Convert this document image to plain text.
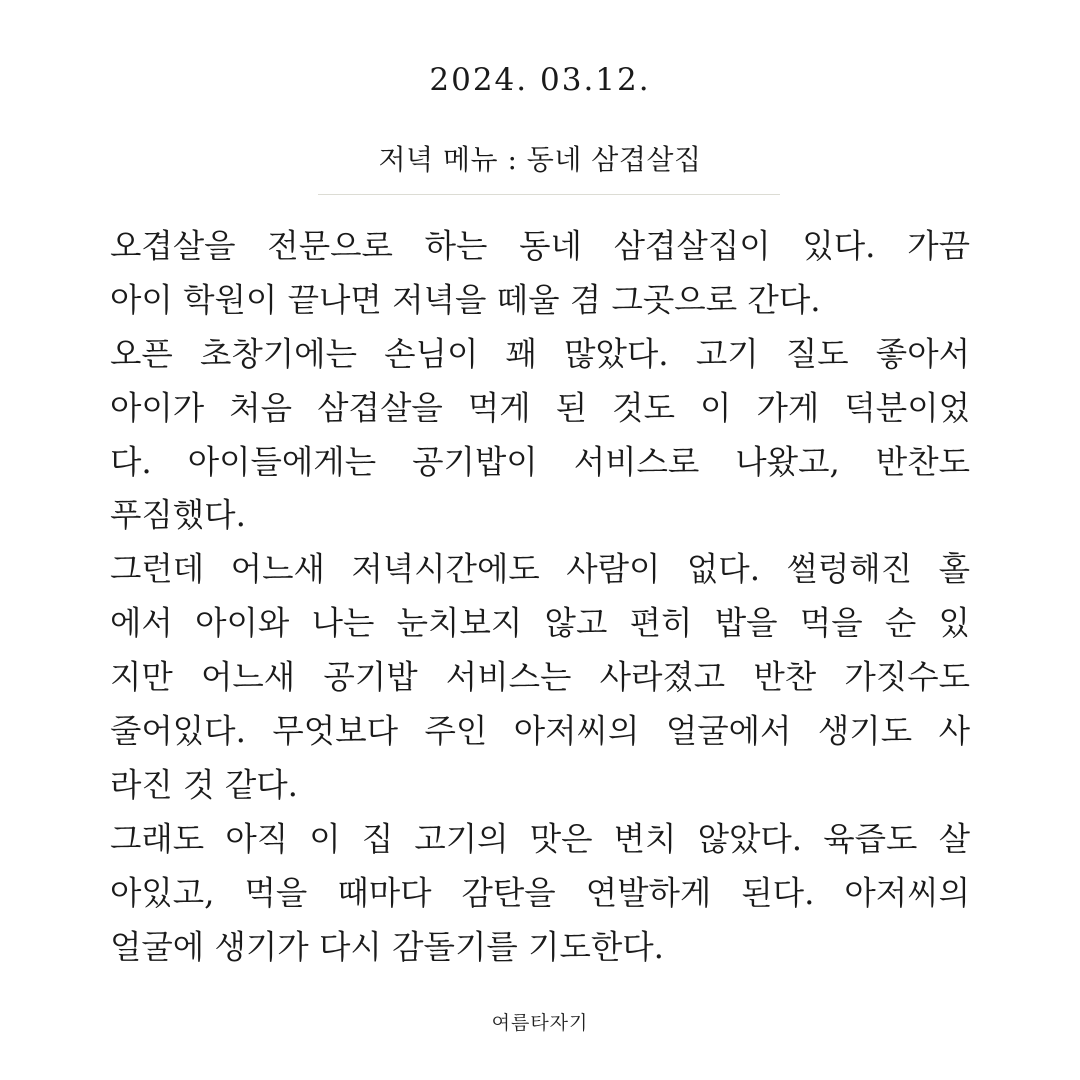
2024. 03.12.
저녁 메뉴 : 동네 삼겹살집
오겹살을 전문으로 하는 동네 삼겹살집이 있다. 가끔
아이 학원이 끝나면 저녁을 떼울 겸 그곳으로 간다.
오픈 초창기에는 손님이 꽤 많았다. 고기 질도 좋아서
아이가 처음 삼겹살을 먹게 된 것도 이 가게 덕분이었
다. 아이들에게는 공기밥이 서비스로 나왔고, 반찬도
푸짐했다.
그런데 어느새 저녁시간에도 사람이 없다. 썰렁해진 홀
에서 아이와 나는 눈치보지 않고 편히 밥을 먹을 순 있
지만 어느새 공기밥 서비스는 사라졌고 반찬 가짓수도
줄어있다. 무엇보다 주인 아저씨의 얼굴에서 생기도 사
라진 것 같다.
그래도 아직 이 집 고기의 맛은 변치 않았다. 육즙도 살
아있고, 먹을 때마다 감탄을 연발하게 된다. 아저씨의
얼굴에 생기가 다시 감돌기를 기도한다.
여름타자기
